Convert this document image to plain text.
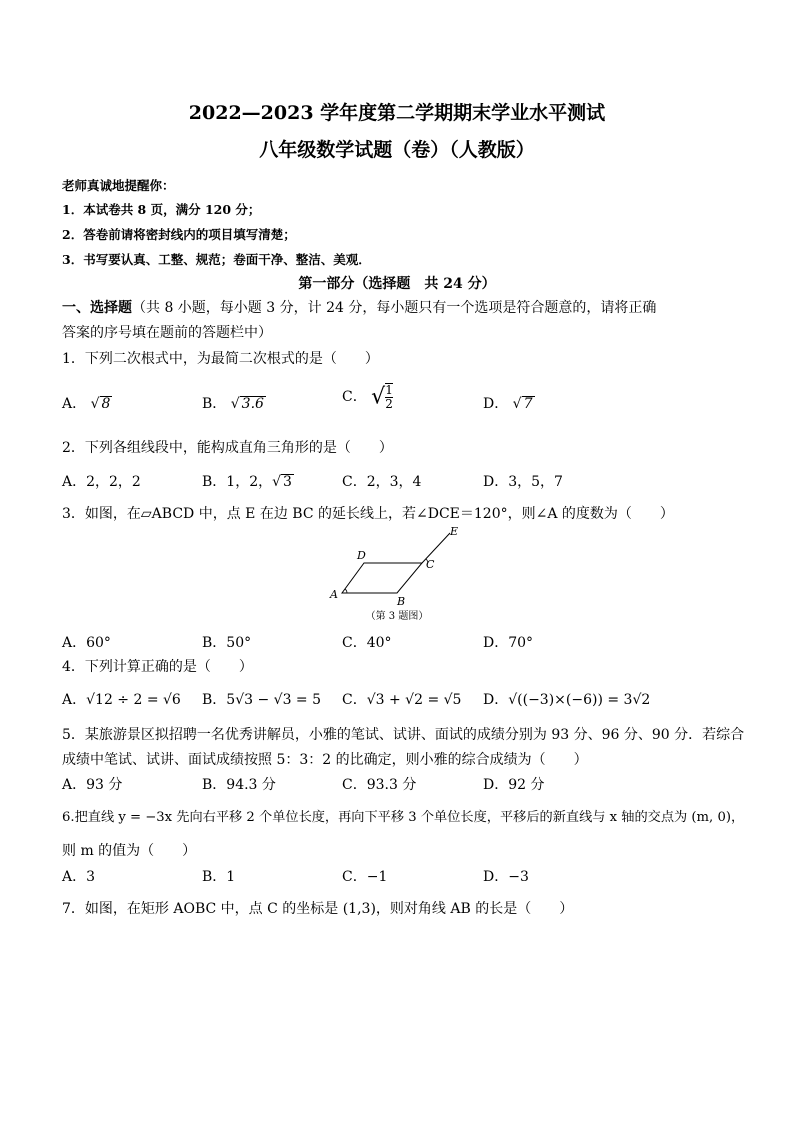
2022—2023 学年度第二学期期末学业水平测试
八年级数学试题（卷）（人教版）
老师真诚地提醒你：
1．本试卷共 8 页，满分 120 分；
2．答卷前请将密封线内的项目填写清楚；
3．书写要认真、工整、规范；卷面干净、整洁、美观．
第一部分（选择题　共 24 分）
一、选择题（共 8 小题，每小题 3 分，计 24 分，每小题只有一个选项是符合题意的，请将正确
答案的序号填在题前的答题栏中）
1．下列二次根式中，为最简二次根式的是（　　）
A． √ 8	B． √ 3.6	C． √ $\frac{1}{2}$	D． √ 7
2．下列各组线段中，能构成直角三角形的是（　　）
A．2，2，2	B．1，2，√ 3	C．2，3，4	D．3，5，7
3．如图，在▱ABCD 中，点 E 在边 BC 的延长线上，若∠DCE＝120°，则∠A 的度数为（　　）
A
B
C
D
E
（第 3 题图）
A．60°	B．50°	C．40°	D．70°
4．下列计算正确的是（　　）
A．√12 ÷ 2 = √6 B．5√3 − √3 = 5 C．√3 + √2 = √5 D．√((−3)×(−6)) = 3√2
5．某旅游景区拟招聘一名优秀讲解员，小雅的笔试、试讲、面试的成绩分别为 93 分、96 分、90 分．若综合
成绩中笔试、试讲、面试成绩按照 5：3：2 的比确定，则小雅的综合成绩为（　　）
A．93 分	B．94.3 分	C．93.3 分	D．92 分
6.把直线 y = −3x 先向右平移 2 个单位长度，再向下平移 3 个单位长度，平移后的新直线与 x 轴的交点为 (m, 0)，
则 m 的值为（　　）
A．3	B．1	C．−1	D．−3
7．如图，在矩形 AOBC 中，点 C 的坐标是 (1,3)，则对角线 AB 的长是（　　）
